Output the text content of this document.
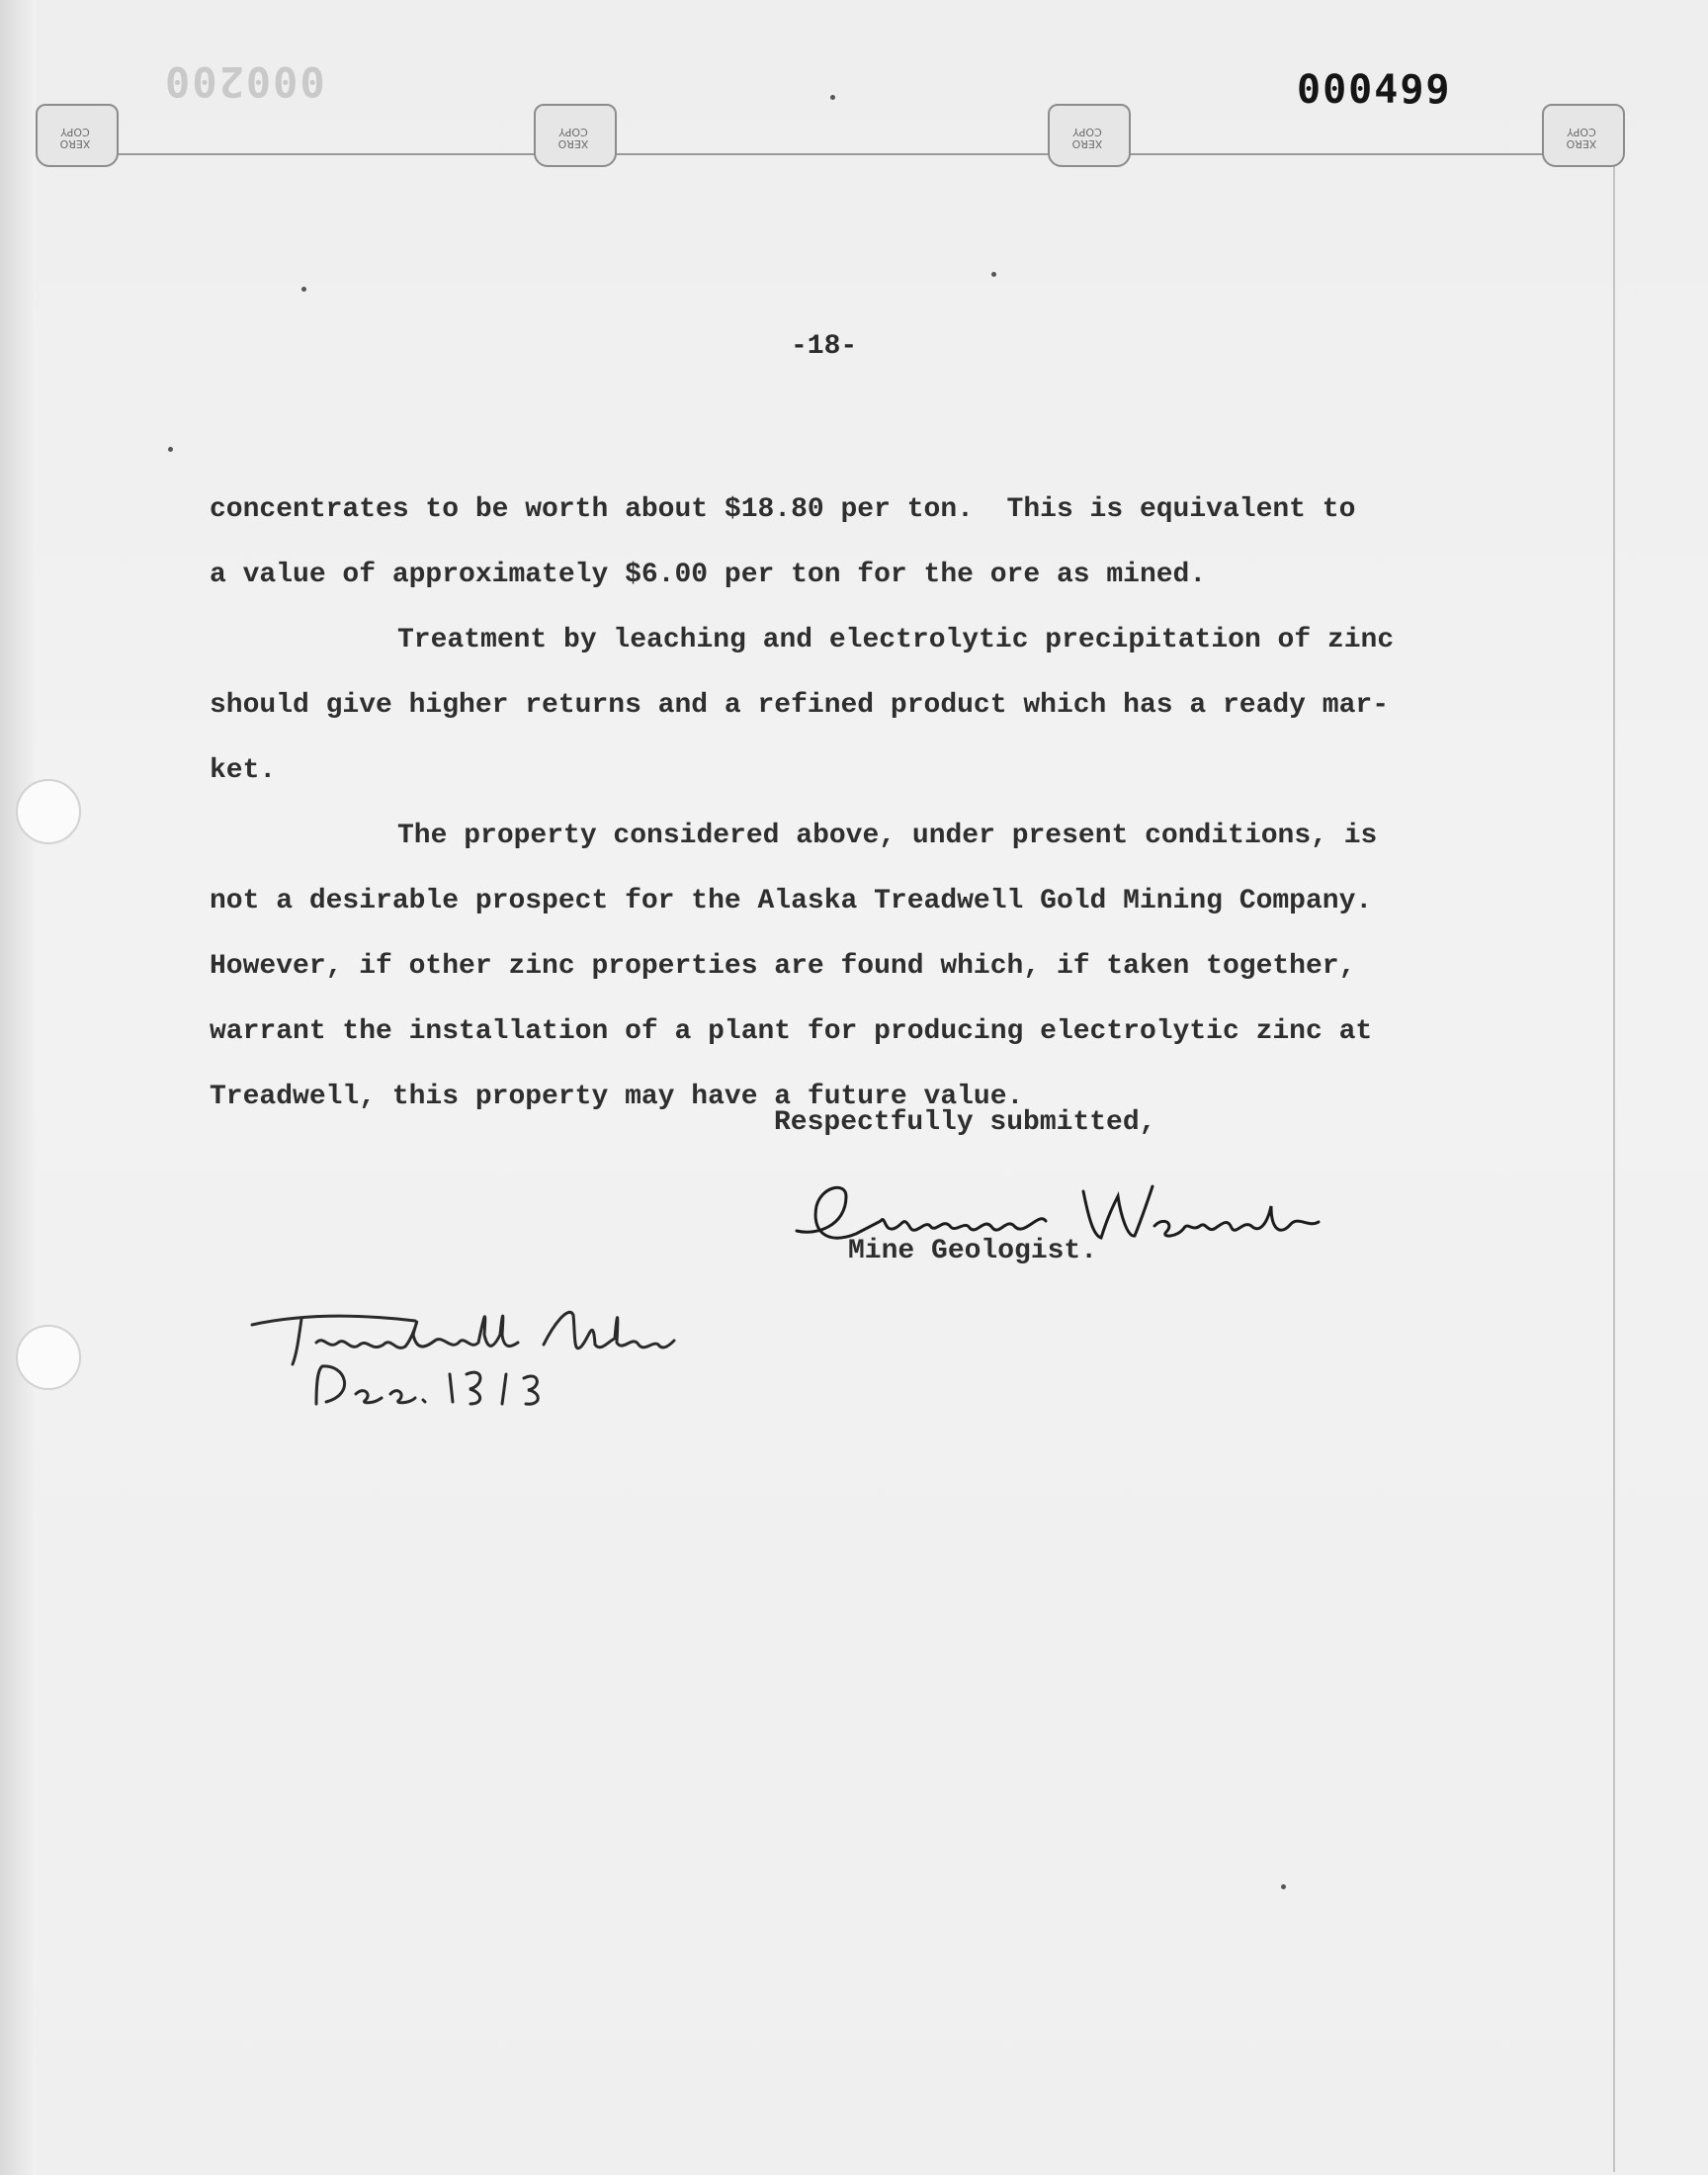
000200	000499
XERO
COPY
XERO
COPY
XERO
COPY
XERO
COPY
-18-
concentrates to be worth about $18.80 per ton.  This is equivalent to
a value of approximately $6.00 per ton for the ore as mined.
Treatment by leaching and electrolytic precipitation of zinc
should give higher returns and a refined product which has a ready mar-
ket.
The property considered above, under present conditions, is
not a desirable prospect for the Alaska Treadwell Gold Mining Company.
However, if other zinc properties are found which, if taken together,
warrant the installation of a plant for producing electrolytic zinc at
Treadwell, this property may have a future value.
Respectfully submitted,
Mine Geologist.
